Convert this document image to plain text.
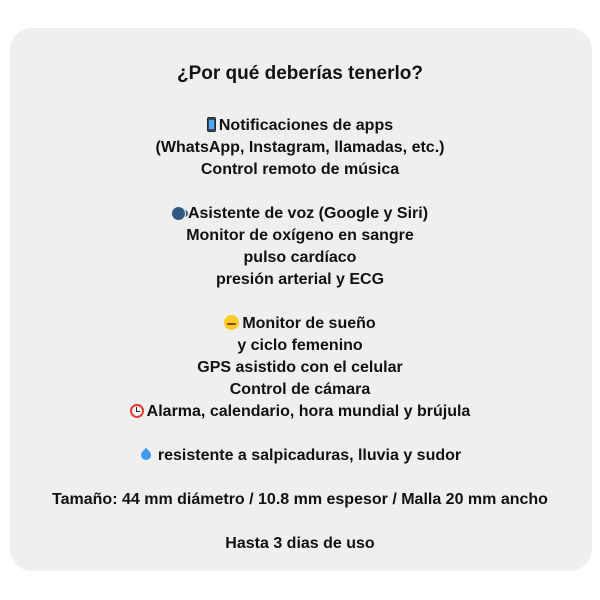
¿Por qué deberías tenerlo?
Notificaciones de apps
(WhatsApp, Instagram, llamadas, etc.)
Control remoto de música
Asistente de voz (Google y Siri)
Monitor de oxígeno en sangre
pulso cardíaco
presión arterial y ECG
Monitor de sueño
y ciclo femenino
GPS asistido con el celular
Control de cámara
Alarma, calendario, hora mundial y brújula
resistente a salpicaduras, lluvia y sudor
Tamaño: 44 mm diámetro / 10.8 mm espesor / Malla 20 mm ancho
Hasta 3 dias de uso
